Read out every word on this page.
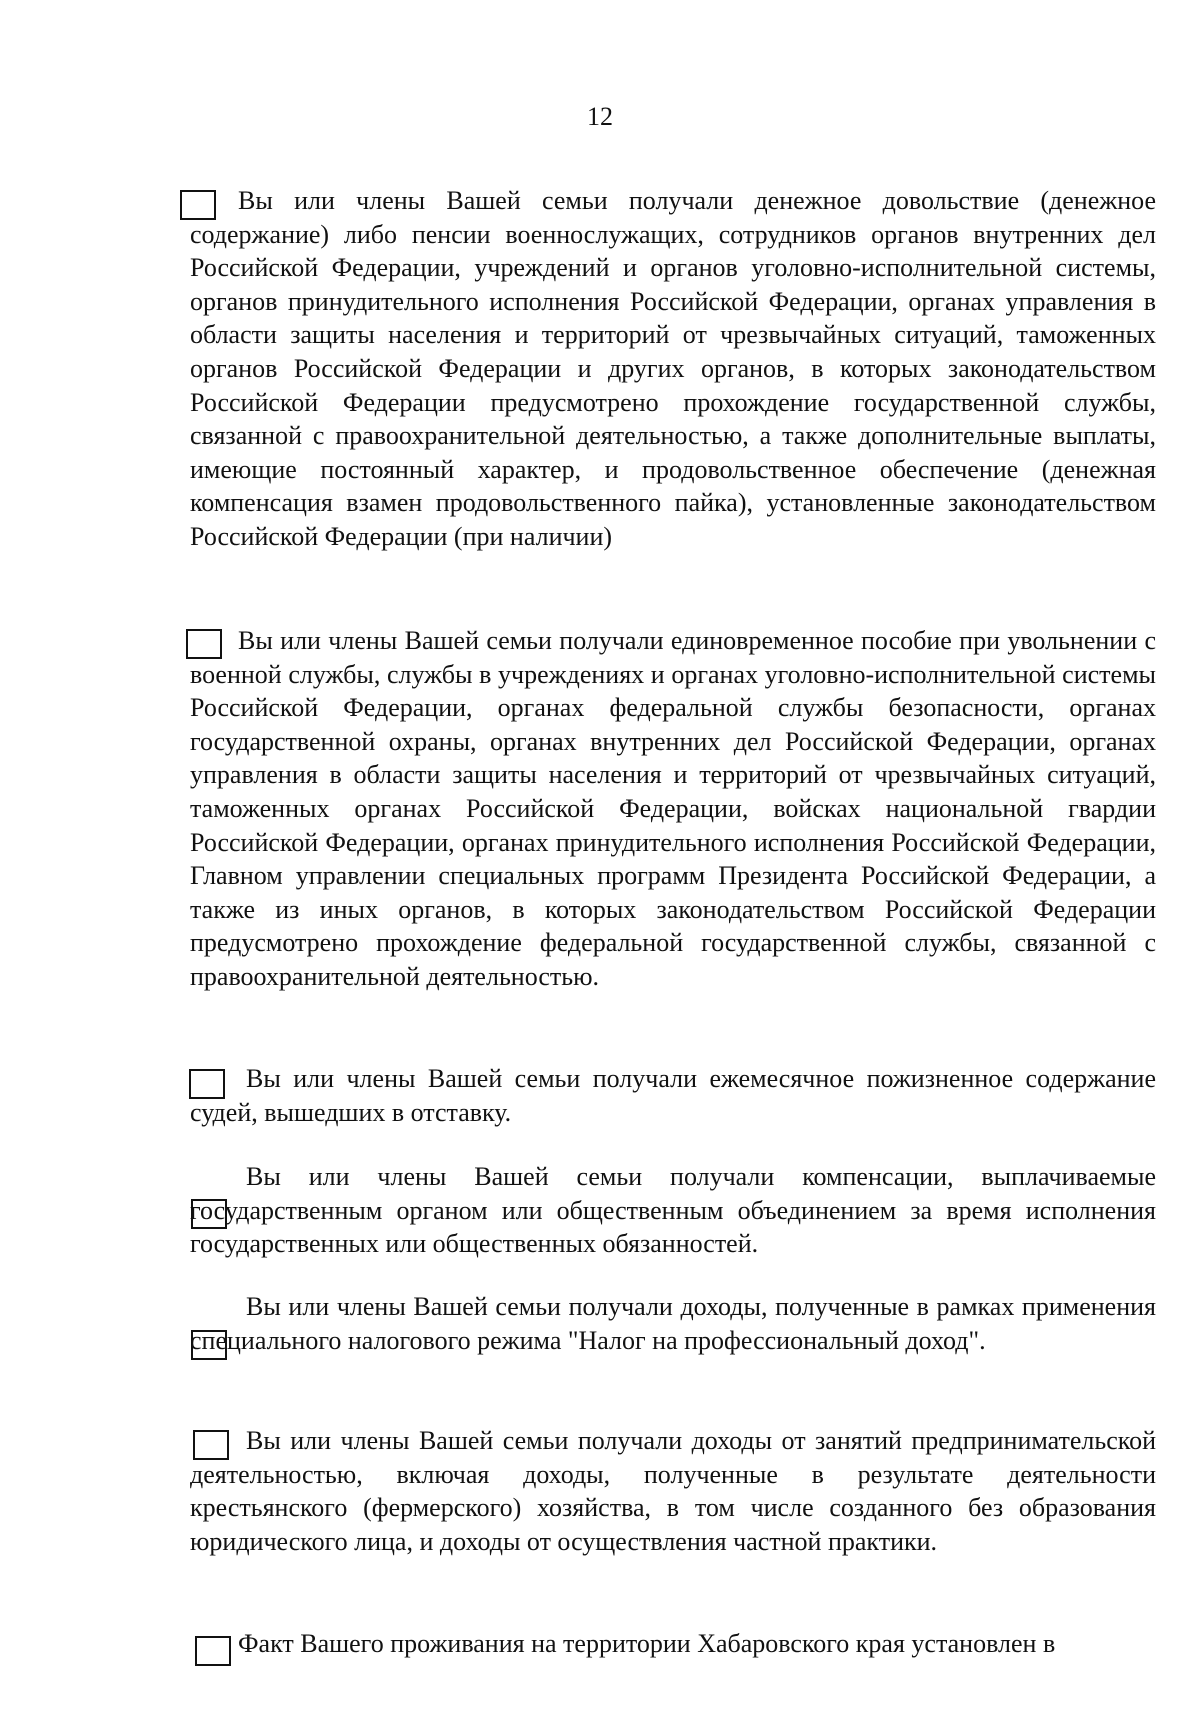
12

Вы или члены Вашей семьи получали денежное довольствие (денежное содержание) либо пенсии военнослужащих, сотрудников органов внутренних дел Российской Федерации, учреждений и органов уголовно-исполнительной системы, органов принудительного исполнения Российской Федерации, органах управления в области защиты населения и территорий от чрезвычайных ситуаций, таможенных органов Российской Федерации и других органов, в которых законодательством Российской Федерации предусмотрено прохождение государственной службы, связанной с правоохранительной деятельностью, а также дополнительные выплаты, имеющие постоянный характер, и продовольственное обеспечение (денежная компенсация взамен продовольственного пайка), установленные законодательством Российской Федерации (при наличии)

Вы или члены Вашей семьи получали единовременное пособие при увольнении с военной службы, службы в учреждениях и органах уголовно-исполнительной системы Российской Федерации, органах федеральной службы безопасности, органах государственной охраны, органах внутренних дел Российской Федерации, органах управления в области защиты населения и территорий от чрезвычайных ситуаций, таможенных органах Российской Федерации, войсках национальной гвардии Российской Федерации, органах принудительного исполнения Российской Федерации, Главном управлении специальных программ Президента Российской Федерации, а также из иных органов, в которых законодательством Российской Федерации предусмотрено прохождение федеральной государственной службы, связанной с правоохранительной деятельностью.

Вы или члены Вашей семьи получали ежемесячное пожизненное содержание судей, вышедших в отставку.

Вы или члены Вашей семьи получали компенсации, выплачиваемые государственным органом или общественным объединением за время исполнения государственных или общественных обязанностей.

Вы или члены Вашей семьи получали доходы, полученные в рамках применения специального налогового режима "Налог на профессиональный доход".

Вы или члены Вашей семьи получали доходы от занятий предпринимательской деятельностью, включая доходы, полученные в результате деятельности крестьянского (фермерского) хозяйства, в том числе созданного без образования юридического лица, и доходы от осуществления частной практики.

Факт Вашего проживания на территории Хабаровского края установлен в
